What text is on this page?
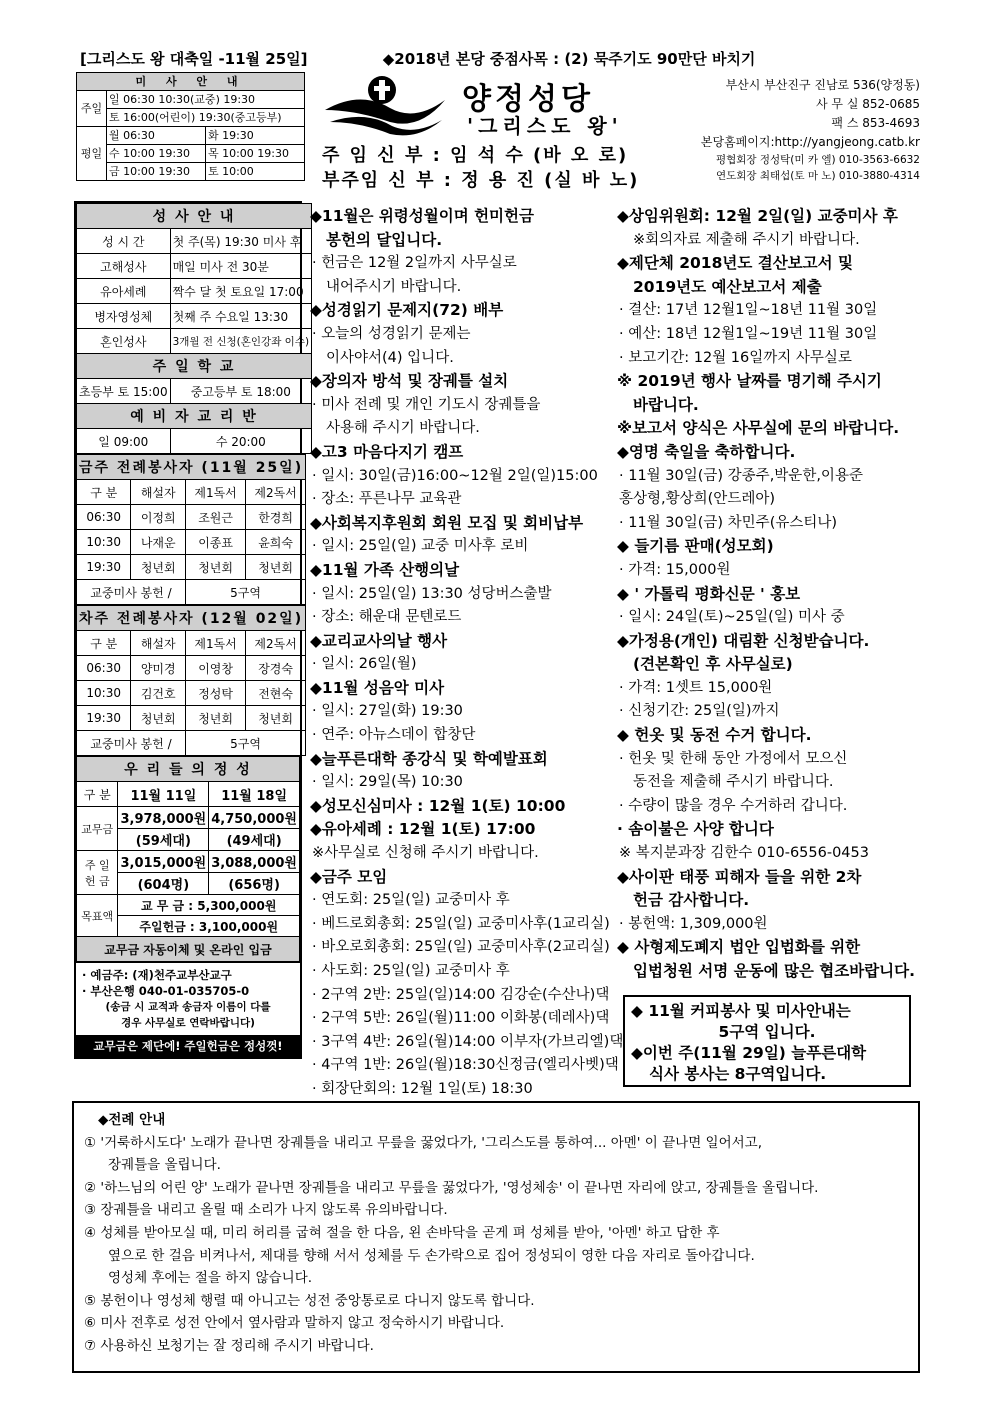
[그리스도 왕 대축일 -11월 25일]	◆2018년 본당 중점사목 : (2) 묵주기도 90만단 바치기
미 사 안 내		
주일	일 06:30 10:30(교중) 19:30	
	토 16:00(어린이) 19:30(중고등부)	
평일	월 06:30	화 19:30
	수 10:00 19:30	목 10:00 19:30
	금 10:00 19:30	토 10:00
양정성당
'그리스도 왕'
부산시 부산진구 진남로 536(양정동)
사 무 실 852-0685
팩 스 853-4693
본당홈페이지:http://yangjeong.catb.kr
평협회장 정성탁(미 카 엘) 010-3563-6632
연도회장 최태섭(토 마 노) 010-3880-4314
주 임 신 부 : 임 석 수 (바 오 로)
부주임 신 부 : 정 용 진 (실 바 노)
성 사 안 내	
성 시 간	첫 주(목) 19:30 미사 후
고해성사	매일 미사 전 30분
유아세례	짝수 달 첫 토요일 17:00
병자영성체	첫째 주 수요일 13:30
혼인성사	3개월 전 신청(혼인강좌 이수)
주 일 학 교	
초등부 토 15:00	중고등부 토 18:00
예 비 자 교 리 반	
일 09:00	수 20:00
금주 전례봉사자 (11월 25일)			
구 분	해설자	제1독서	제2독서
06:30	이정희	조원근	한경희
10:30	나재운	이종표	윤희숙
19:30	청년회	청년회	청년회
교중미사 봉헌 /		5구역	
차주 전례봉사자 (12월 02일)			
구 분	해설자	제1독서	제2독서
06:30	양미경	이영창	장경숙
10:30	김건호	정성탁	전현숙
19:30	청년회	청년회	청년회
교중미사 봉헌 /		5구역	
우 리 들 의 정 성		
구 분	11월 11일	11월 18일
교무금	3,978,000원	4,750,000원
	(59세대)	(49세대)
주 일 헌 금	3,015,000원	3,088,000원
	(604명)	(656명)
목표액	교 무 금 : 5,300,000원	
	주일헌금 : 3,100,000원	
교무금 자동이체 및 온라인 입금		
· 예금주: (재)천주교부산교구
· 부산은행 040-01-035705-0
(송금 시 교적과 송금자 이름이 다를
경우 사무실로 연락바랍니다)
교무금은 제단에! 주일헌금은 정성껏!
◆11월은 위령성월이며 헌미헌금
봉헌의 달입니다.
· 헌금은 12월 2일까지 사무실로
내어주시기 바랍니다.
◆성경읽기 문제지(72) 배부
· 오늘의 성경읽기 문제는
이사야서(4) 입니다.
◆장의자 방석 및 장궤틀 설치
· 미사 전례 및 개인 기도시 장궤틀을
사용해 주시기 바랍니다.
◆고3 마음다지기 캠프
· 일시: 30일(금)16:00~12월 2일(일)15:00
· 장소: 푸른나무 교육관
◆사회복지후원회 회원 모집 및 회비납부
· 일시: 25일(일) 교중 미사후 로비
◆11월 가족 산행의날
· 일시: 25일(일) 13:30 성당버스출발
· 장소: 해운대 문텐로드
◆교리교사의날 행사
· 일시: 26일(월)
◆11월 성음악 미사
· 일시: 27일(화) 19:30
· 연주: 아뉴스데이 합창단
◆늘푸른대학 종강식 및 학예발표회
· 일시: 29일(목) 10:30
◆성모신심미사 : 12월 1(토) 10:00
◆유아세례 : 12월 1(토) 17:00
※사무실로 신청해 주시기 바랍니다.
◆금주 모임
· 연도회: 25일(일) 교중미사 후
· 베드로회총회: 25일(일) 교중미사후(1교리실)
· 바오로회총회: 25일(일) 교중미사후(2교리실)
· 사도회: 25일(일) 교중미사 후
· 2구역 2반: 25일(일)14:00 김강순(수산나)댁
· 2구역 5반: 26일(월)11:00 이화봉(데레사)댁
· 3구역 4반: 26일(월)14:00 이부자(가브리엘)댁
· 4구역 1반: 26일(월)18:30신정금(엘리사벳)댁
· 회장단회의: 12월 1일(토) 18:30
◆상임위원회: 12월 2일(일) 교중미사 후
※회의자료 제출해 주시기 바랍니다.
◆제단체 2018년도 결산보고서 및
2019년도 예산보고서 제출
· 결산: 17년 12월1일~18년 11월 30일
· 예산: 18년 12월1일~19년 11월 30일
· 보고기간: 12월 16일까지 사무실로
※ 2019년 행사 날짜를 명기해 주시기
바랍니다.
※보고서 양식은 사무실에 문의 바랍니다.
◆영명 축일을 축하합니다.
· 11월 30일(금) 강종주,박운한,이용준
홍상형,황상희(안드레아)
· 11월 30일(금) 차민주(유스티나)
◆ 들기름 판매(성모회)
· 가격: 15,000원
◆ ' 가톨릭 평화신문 ' 홍보
· 일시: 24일(토)~25일(일) 미사 중
◆가정용(개인) 대림환 신청받습니다.
(견본확인 후 사무실로)
· 가격: 1셋트 15,000원
· 신청기간: 25일(일)까지
◆ 헌옷 및 동전 수거 합니다.
· 헌옷 및 한해 동안 가정에서 모으신
동전을 제출해 주시기 바랍니다.
· 수량이 많을 경우 수거하러 갑니다.
· 솜이불은 사양 합니다
※ 복지분과장 김한수 010-6556-0453
◆사이판 태풍 피해자 들을 위한 2차
헌금 감사합니다.
· 봉헌액: 1,309,000원
◆ 사형제도폐지 법안 입법화를 위한
입법청원 서명 운동에 많은 협조바랍니다.
◆ 11월 커피봉사 및 미사안내는
5구역 입니다.
◆이번 주(11월 29일) 늘푸른대학
식사 봉사는 8구역입니다.
◆전례 안내
① '거룩하시도다' 노래가 끝나면 장궤틀을 내리고 무릎을 꿇었다가, '그리스도를 통하여... 아멘' 이 끝나면 일어서고,
장궤틀을 올립니다.
② '하느님의 어린 양' 노래가 끝나면 장궤틀을 내리고 무릎을 꿇었다가, '영성체송' 이 끝나면 자리에 앉고, 장궤틀을 올립니다.
③ 장궤틀을 내리고 올릴 때 소리가 나지 않도록 유의바랍니다.
④ 성체를 받아모실 때, 미리 허리를 굽혀 절을 한 다음, 왼 손바닥을 곧게 펴 성체를 받아, '아멘' 하고 답한 후
옆으로 한 걸음 비켜나서, 제대를 향해 서서 성체를 두 손가락으로 집어 정성되이 영한 다음 자리로 돌아갑니다.
영성체 후에는 절을 하지 않습니다.
⑤ 봉헌이나 영성체 행렬 때 아니고는 성전 중앙통로로 다니지 않도록 합니다.
⑥ 미사 전후로 성전 안에서 옆사람과 말하지 않고 정숙하시기 바랍니다.
⑦ 사용하신 보청기는 잘 정리해 주시기 바랍니다.
